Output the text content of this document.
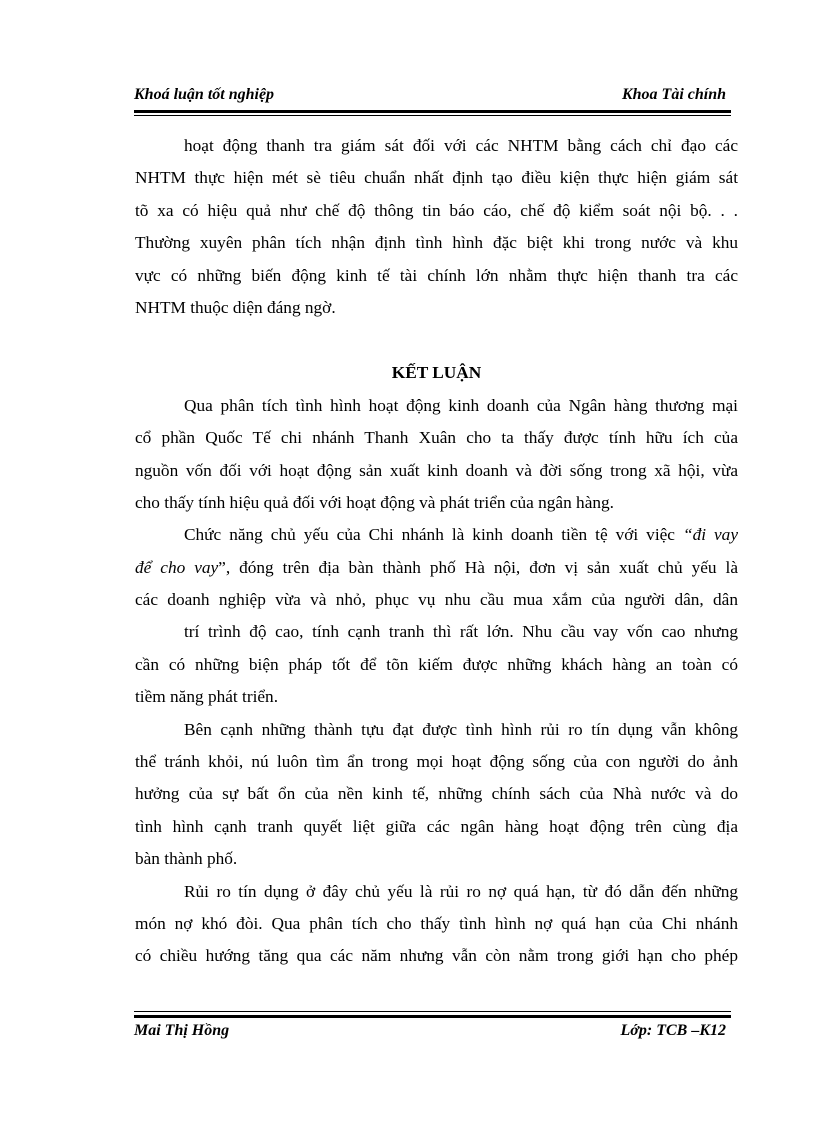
Khoá luận tốt nghiệp	Khoa Tài chính
hoạt động thanh tra giám sát đối với các NHTM bằng cách chỉ đạo các
NHTM thực hiện mét sè tiêu chuẩn nhất định tạo điều kiện thực hiện giám sát
tõ xa có hiệu quả như chế độ thông tin báo cáo, chế độ kiểm soát nội bộ. . .
Thường xuyên phân tích nhận định tình hình đặc biệt khi trong nước và khu
vực có những biến động kinh tế tài chính lớn nhằm thực hiện thanh tra các
NHTM thuộc diện đáng ngờ.
KẾT LUẬN
Qua phân tích tình hình hoạt động kinh doanh của Ngân hàng thương mại
cổ phần Quốc Tế chi nhánh Thanh Xuân cho ta thấy được tính hữu ích của
nguồn vốn đối với hoạt động sản xuất kinh doanh và đời sống trong xã hội, vừa
cho thấy tính hiệu quả đối với hoạt động và phát triển của ngân hàng.
Chức năng chủ yếu của Chi nhánh là kinh doanh tiền tệ với việc “đi vay
để cho vay”, đóng trên địa bàn thành phố Hà nội, đơn vị sản xuất chủ yếu là
các doanh nghiệp vừa và nhỏ, phục vụ nhu cầu mua xắm của người dân, dân
trí trình độ cao, tính cạnh tranh thì rất lớn. Nhu cầu vay vốn cao nhưng
cần có những biện pháp tốt để tõn kiếm được những khách hàng an toàn có
tiềm năng phát triển.
Bên cạnh những thành tựu đạt được tình hình rủi ro tín dụng vẫn không
thể tránh khỏi, nú luôn tìm ẩn trong mọi hoạt động sống của con người do ảnh
hưởng của sự bất ổn của nền kinh tế, những chính sách của Nhà nước và do
tình hình cạnh tranh quyết liệt giữa các ngân hàng hoạt động trên cùng địa
bàn thành phố.
Rủi ro tín dụng ở đây chủ yếu là rủi ro nợ quá hạn, từ đó dẫn đến những
món nợ khó đòi. Qua phân tích cho thấy tình hình nợ quá hạn của Chi nhánh
có chiều hướng tăng qua các năm nhưng vẫn còn nằm trong giới hạn cho phép
Mai Thị Hồng	Lớp: TCB –K12
